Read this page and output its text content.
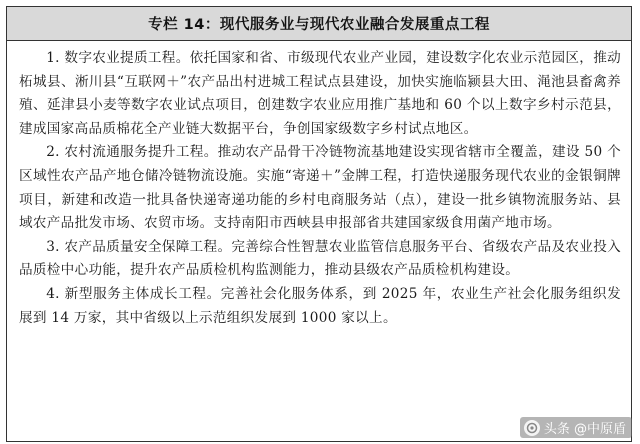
专栏 14：现代服务业与现代农业融合发展重点工程

1. 数字农业提质工程。依托国家和省、市级现代农业产业园，建设数字化农业示范园区，推动柘城县、淅川县“互联网＋”农产品出村进城工程试点县建设，加快实施临颍县大田、渑池县畜禽养殖、延津县小麦等数字农业试点项目，创建数字农业应用推广基地和 60 个以上数字乡村示范县，建成国家高品质棉花全产业链大数据平台，争创国家级数字乡村试点地区。

2. 农村流通服务提升工程。推动农产品骨干冷链物流基地建设实现省辖市全覆盖，建设 50 个区域性农产品产地仓储冷链物流设施。实施“寄递＋”金牌工程，打造快递服务现代农业的金银铜牌项目，新建和改造一批具备快递寄递功能的乡村电商服务站（点），建设一批乡镇物流服务站、县域农产品批发市场、农贸市场。支持南阳市西峡县申报部省共建国家级食用菌产地市场。

3. 农产品质量安全保障工程。完善综合性智慧农业监管信息服务平台、省级农产品及农业投入品质检中心功能，提升农产品质检机构监测能力，推动县级农产品质检机构建设。

4. 新型服务主体成长工程。完善社会化服务体系，到 2025 年，农业生产社会化服务组织发展到 14 万家，其中省级以上示范组织发展到 1000 家以上。

头条 @中原盾
